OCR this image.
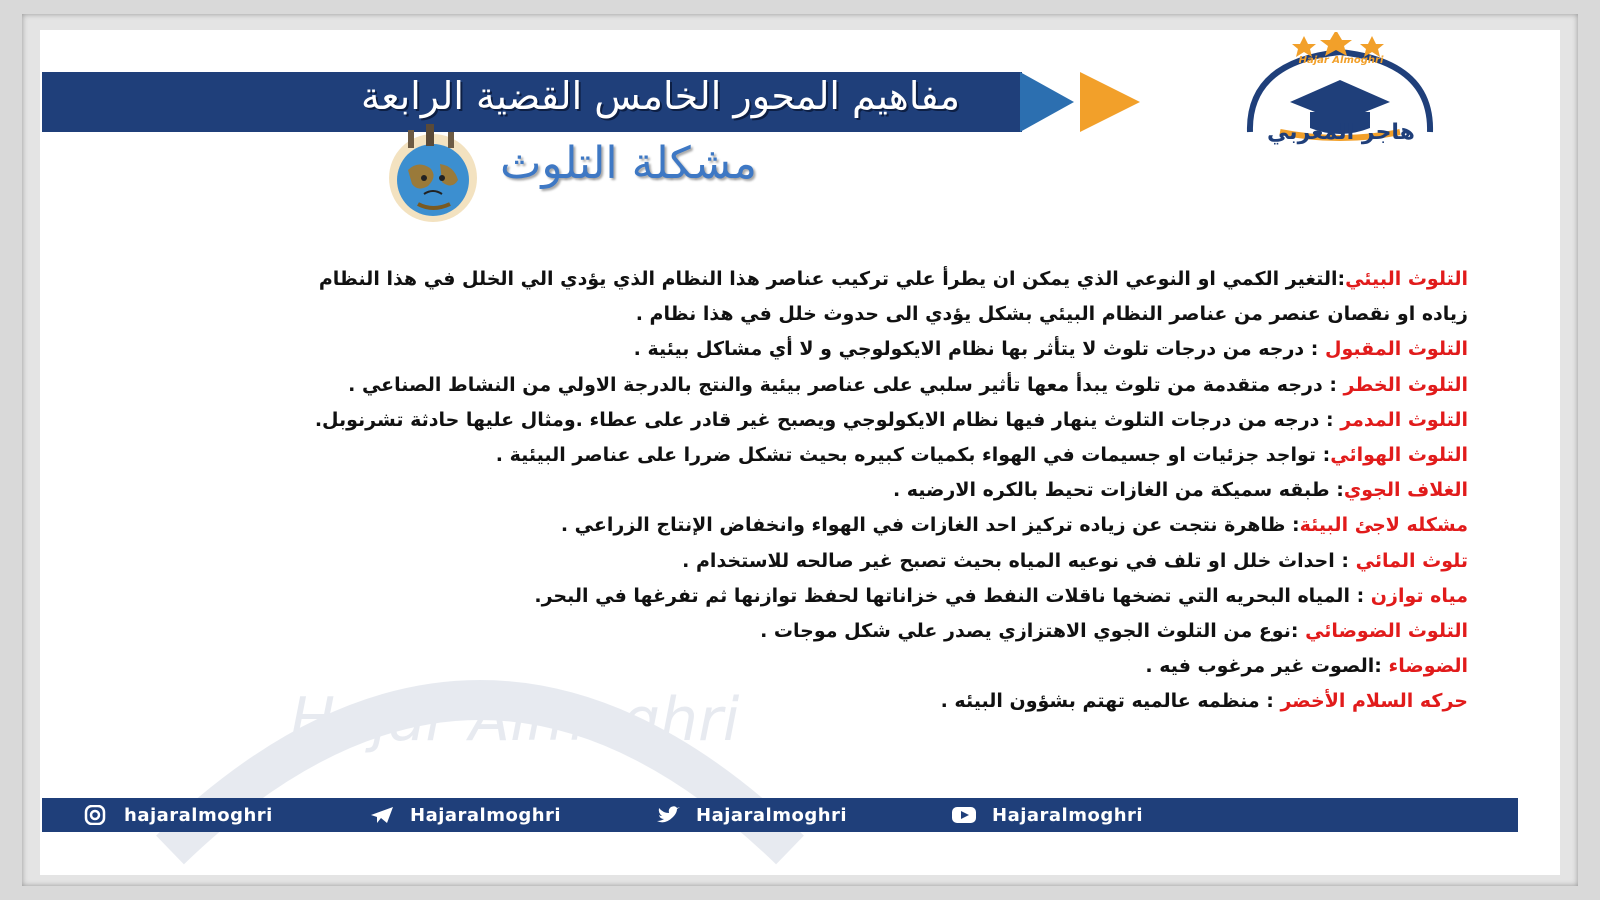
Hajar Almoghri
مفاهيم المحور الخامس القضية الرابعة
مشكلة التلوث
Hajar Almoghri
هاجر المغربي
التلوث البيئي:التغير الكمي او النوعي الذي يمكن ان يطرأ علي تركيب عناصر هذا النظام الذي يؤدي الي الخلل في هذا النظام
زياده او نقصان عنصر من عناصر النظام البيئي بشكل يؤدي الى حدوث خلل في هذا نظام .
التلوث المقبول : درجه من درجات تلوث لا يتأثر بها نظام الايكولوجي و لا أي مشاكل بيئية .
التلوث الخطر : درجه متقدمة من تلوث يبدأ معها تأثير سلبي على عناصر بيئية والنتج بالدرجة الاولي من النشاط الصناعي .
التلوث المدمر : درجه من درجات التلوث ينهار فيها نظام الايكولوجي ويصبح غير قادر على عطاء .ومثال عليها حادثة تشرنوبل.
التلوث الهوائي: تواجد جزئيات او جسيمات في الهواء بكميات كبيره بحيث تشكل ضررا على عناصر البيئية .
الغلاف الجوي: طبقه سميكة من الغازات تحيط بالكره الارضيه .
مشكله لاجئ البيئة: ظاهرة نتجت عن زياده تركيز احد الغازات في الهواء وانخفاض الإنتاج الزراعي .
تلوث المائي : احداث خلل او تلف في نوعيه المياه بحيث تصبح غير صالحه للاستخدام .
مياه توازن : المياه البحريه التي تضخها ناقلات النفط في خزاناتها لحفظ توازنها ثم تفرغها في البحر.
التلوث الضوضائي :نوع من التلوث الجوي الاهتزازي يصدر علي شكل موجات .
الضوضاء :الصوت غير مرغوب فيه .
حركه السلام الأخضر : منظمه عالميه تهتم بشؤون البيئه .
hajaralmoghri	Hajaralmoghri	Hajaralmoghri	Hajaralmoghri
